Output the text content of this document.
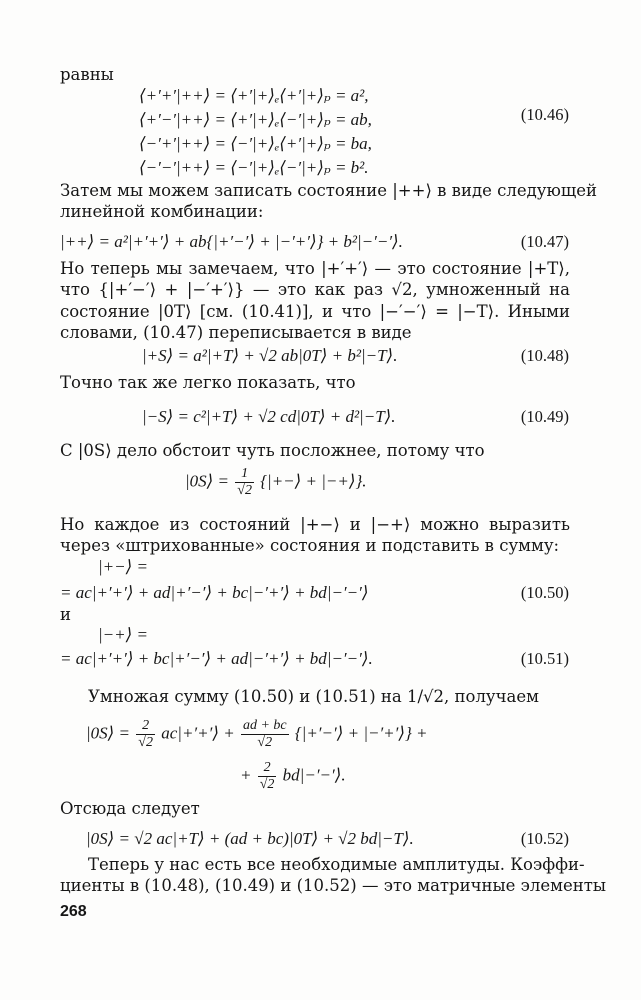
равны
⟨+′+′|++⟩ = ⟨+′|+⟩ₑ⟨+′|+⟩ₚ = a²,
⟨+′−′|++⟩ = ⟨+′|+⟩ₑ⟨−′|+⟩ₚ = ab,
⟨−′+′|++⟩ = ⟨−′|+⟩ₑ⟨+′|+⟩ₚ = ba,
⟨−′−′|++⟩ = ⟨−′|+⟩ₑ⟨−′|+⟩ₚ = b².
(10.46)
Затем мы можем записать состояние |++⟩ в виде следующей
линейной комбинации:
|++⟩ = a²|+′+′⟩ + ab{|+′−′⟩ + |−′+′⟩} + b²|−′−′⟩.	(10.47)
Но теперь мы замечаем, что |+′+′⟩ — это состояние |+T⟩,
что {|+′−′⟩ + |−′+′⟩} — это как раз √2, умноженный на
состояние |0T⟩ [см. (10.41)], и что |−′−′⟩ = |−T⟩. Иными
словами, (10.47) переписывается в виде
|+S⟩ = a²|+T⟩ + √2 ab|0T⟩ + b²|−T⟩.	(10.48)
Точно так же легко показать, что
|−S⟩ = c²|+T⟩ + √2 cd|0T⟩ + d²|−T⟩.	(10.49)
С |0S⟩ дело обстоит чуть посложнее, потому что
|0S⟩ = $\frac{1}{√2}$ {|+−⟩ + |−+⟩}.
Но каждое из состояний |+−⟩ и |−+⟩ можно выразить
через «штрихованные» состояния и подставить в сумму:
|+−⟩ =
= ac|+′+′⟩ + ad|+′−′⟩ + bc|−′+′⟩ + bd|−′−′⟩	(10.50)
и
|−+⟩ =
= ac|+′+′⟩ + bc|+′−′⟩ + ad|−′+′⟩ + bd|−′−′⟩.	(10.51)
Умножая сумму (10.50) и (10.51) на 1/√2, получаем
|0S⟩ = $\frac{2}{√2}$ ac|+′+′⟩ + $\frac{ad + bc}{√2}$ {|+′−′⟩ + |−′+′⟩} +
+ $\frac{2}{√2}$ bd|−′−′⟩.
Отсюда следует
|0S⟩ = √2 ac|+T⟩ + (ad + bc)|0T⟩ + √2 bd|−T⟩.	(10.52)
Теперь у нас есть все необходимые амплитуды. Коэффи-
циенты в (10.48), (10.49) и (10.52) — это матричные элементы
268
